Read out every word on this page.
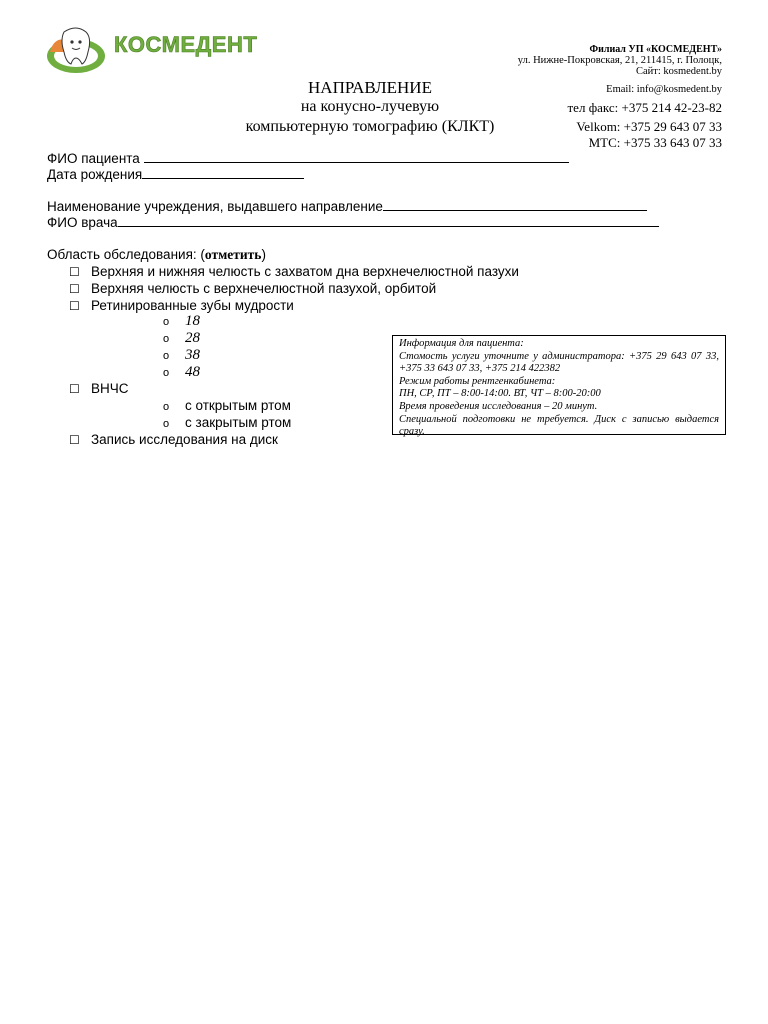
КОСМЕДЕНТ	Филиал УП «КОСМЕДЕНТ»
ул. Нижне-Покровская, 21, 211415, г. Полоцк,
Сайт: kosmedent.by
Email: info@kosmedent.by
тел факс: +375 214 42-23-82
Velkom: +375 29 643 07 33
МТС: +375 33 643 07 33
НАПРАВЛЕНИЕ
на конусно-лучевую
компьютерную томографию (КЛКТ)
ФИО пациента
Дата рождения
Наименование учреждения, выдавшего направление
ФИО врача
Область обследования: (отметить)
☐ Верхняя и нижняя челюсть с захватом дна верхнечелюстной пазухи
☐ Верхняя челюсть с верхнечелюстной пазухой, орбитой
☐ Ретинированные зубы мудрости
o 18
o 28
o 38
o 48
☐ ВНЧС
o с открытым ртом
o с закрытым ртом
☐ Запись исследования на диск
Информация для пациента:
Стомость услуги уточните у администратора: +375 29 643 07 33, +375 33 643 07 33, +375 214 422382
Режим работы рентгенкабинета:
ПН, СР, ПТ – 8:00-14:00. ВТ, ЧТ – 8:00-20:00
Время проведения исследования – 20 минут.
Специальной подготовки не требуется. Диск с записью выдается сразу.
